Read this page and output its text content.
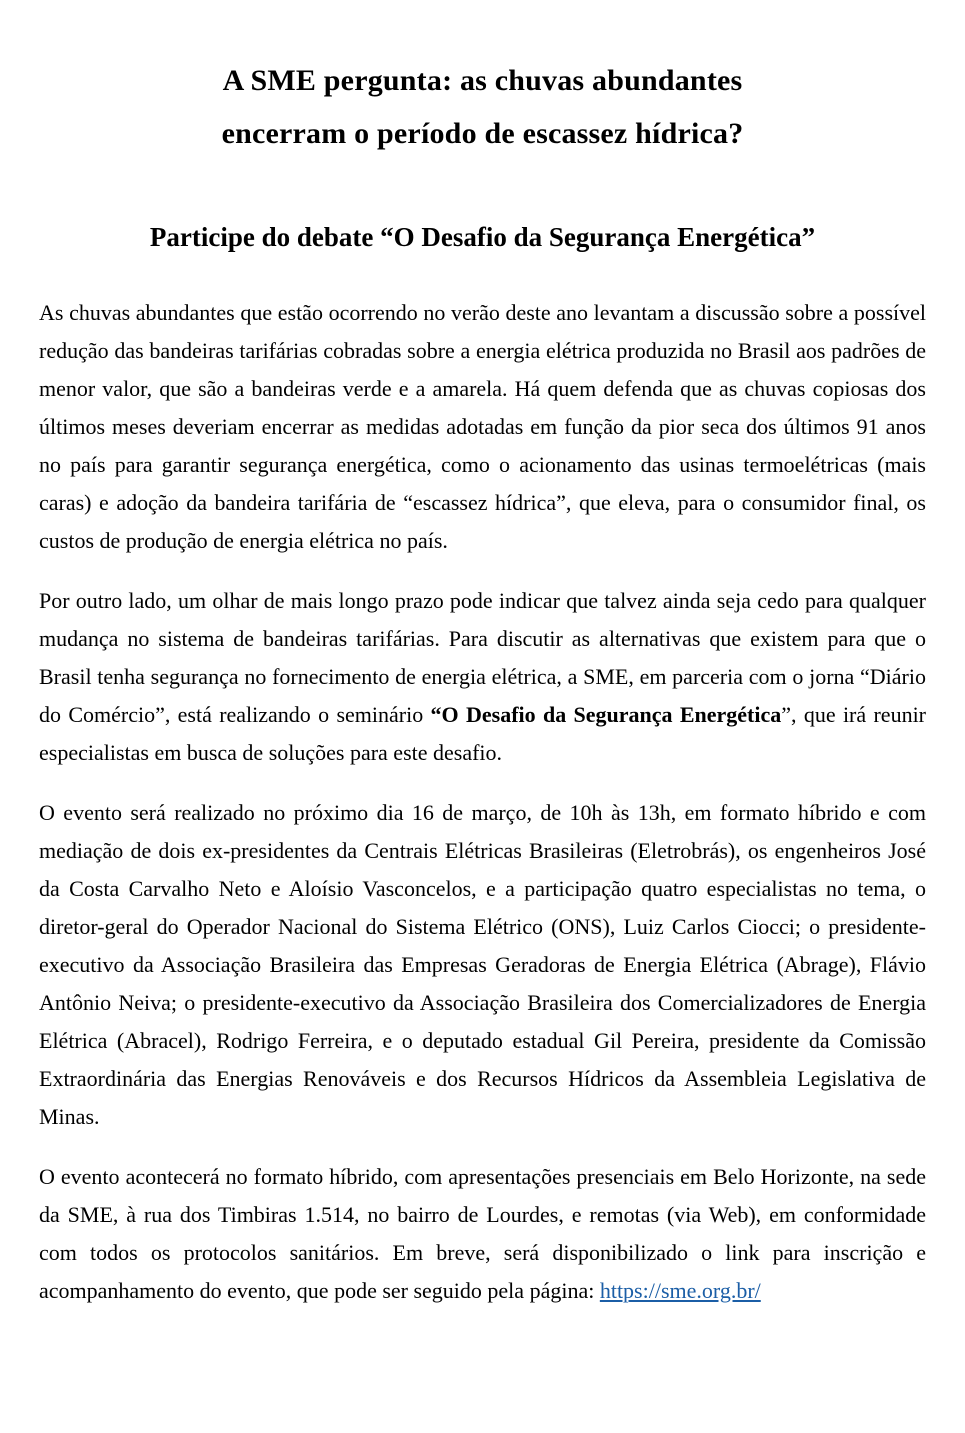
A SME pergunta: as chuvas abundantes
encerram o período de escassez hídrica?
Participe do debate “O Desafio da Segurança Energética”

As chuvas abundantes que estão ocorrendo no verão deste ano levantam a discussão sobre a possível redução das bandeiras tarifárias cobradas sobre a energia elétrica produzida no Brasil aos padrões de menor valor, que são a bandeiras verde e a amarela. Há quem defenda que as chuvas copiosas dos últimos meses deveriam encerrar as medidas adotadas em função da pior seca dos últimos 91 anos no país para garantir segurança energética, como o acionamento das usinas termoelétricas (mais caras) e adoção da bandeira tarifária de “escassez hídrica”, que eleva, para o consumidor final, os custos de produção de energia elétrica no país.

Por outro lado, um olhar de mais longo prazo pode indicar que talvez ainda seja cedo para qualquer mudança no sistema de bandeiras tarifárias. Para discutir as alternativas que existem para que o Brasil tenha segurança no fornecimento de energia elétrica, a SME, em parceria com o jorna “Diário do Comércio”, está realizando o seminário “O Desafio da Segurança Energética”, que irá reunir especialistas em busca de soluções para este desafio.

O evento será realizado no próximo dia 16 de março, de 10h às 13h, em formato híbrido e com mediação de dois ex-presidentes da Centrais Elétricas Brasileiras (Eletrobrás), os engenheiros José da Costa Carvalho Neto e Aloísio Vasconcelos, e a participação quatro especialistas no tema, o diretor-geral do Operador Nacional do Sistema Elétrico (ONS), Luiz Carlos Ciocci; o presidente-executivo da Associação Brasileira das Empresas Geradoras de Energia Elétrica (Abrage), Flávio Antônio Neiva; o presidente-executivo da Associação Brasileira dos Comercializadores de Energia Elétrica (Abracel), Rodrigo Ferreira, e o deputado estadual Gil Pereira, presidente da Comissão Extraordinária das Energias Renováveis e dos Recursos Hídricos da Assembleia Legislativa de Minas.

O evento acontecerá no formato híbrido, com apresentações presenciais em Belo Horizonte, na sede da SME, à rua dos Timbiras 1.514, no bairro de Lourdes, e remotas (via Web), em conformidade com todos os protocolos sanitários. Em breve, será disponibilizado o link para inscrição e acompanhamento do evento, que pode ser seguido pela página: https://sme.org.br/
